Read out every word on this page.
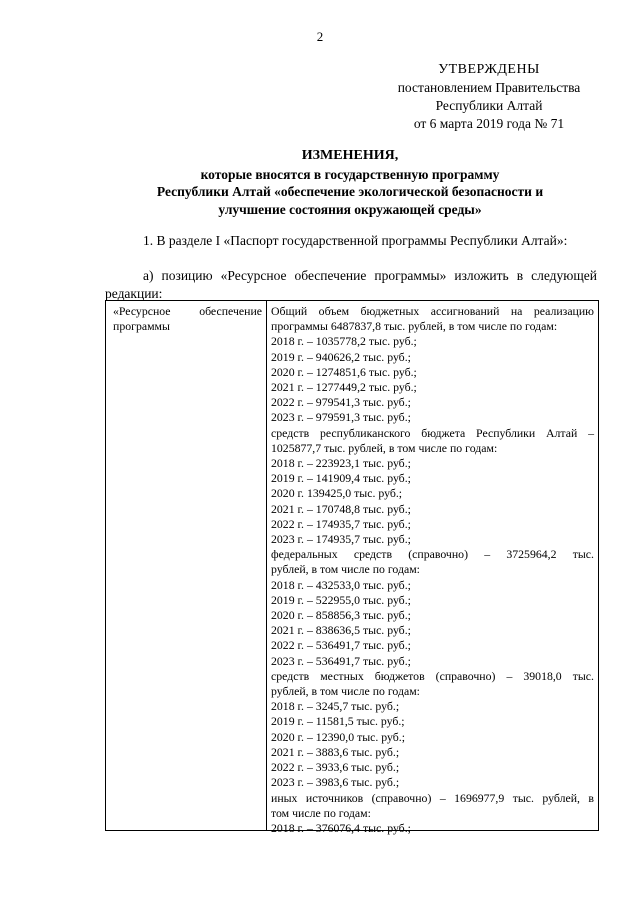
2
УТВЕРЖДЕНЫ
постановлением Правительства
Республики Алтай
от 6 марта 2019 года № 71
ИЗМЕНЕНИЯ,
которые вносятся в государственную программу
Республики Алтай «обеспечение экологической безопасности и
улучшение состояния окружающей среды»
1. В разделе I «Паспорт государственной программы Республики Алтай»:
а) позицию «Ресурсное обеспечение программы» изложить в следующей редакции:
«Ресурсное обеспечение программы
Общий объем бюджетных ассигнований на реализацию
программы 6487837,8 тыс. рублей, в том числе по годам:
2018 г. – 1035778,2 тыс. руб.;
2019 г. – 940626,2 тыс. руб.;
2020 г. – 1274851,6 тыс. руб.;
2021 г. – 1277449,2 тыс. руб.;
2022 г. – 979541,3 тыс. руб.;
2023 г. – 979591,3 тыс. руб.;
средств республиканского бюджета Республики Алтай –
1025877,7 тыс. рублей, в том числе по годам:
2018 г. – 223923,1 тыс. руб.;
2019 г. – 141909,4 тыс. руб.;
2020 г. 139425,0 тыс. руб.;
2021 г. – 170748,8 тыс. руб.;
2022 г. – 174935,7 тыс. руб.;
2023 г. – 174935,7 тыс. руб.;
федеральных средств (справочно) – 3725964,2 тыс.
рублей, в том числе по годам:
2018 г. – 432533,0 тыс. руб.;
2019 г. – 522955,0 тыс. руб.;
2020 г. – 858856,3 тыс. руб.;
2021 г. – 838636,5 тыс. руб.;
2022 г. – 536491,7 тыс. руб.;
2023 г. – 536491,7 тыс. руб.;
средств местных бюджетов (справочно) – 39018,0 тыс.
рублей, в том числе по годам:
2018 г. – 3245,7 тыс. руб.;
2019 г. – 11581,5 тыс. руб.;
2020 г. – 12390,0 тыс. руб.;
2021 г. – 3883,6 тыс. руб.;
2022 г. – 3933,6 тыс. руб.;
2023 г. – 3983,6 тыс. руб.;
иных источников (справочно) – 1696977,9 тыс. рублей, в
том числе по годам:
2018 г. – 376076,4 тыс. руб.;
